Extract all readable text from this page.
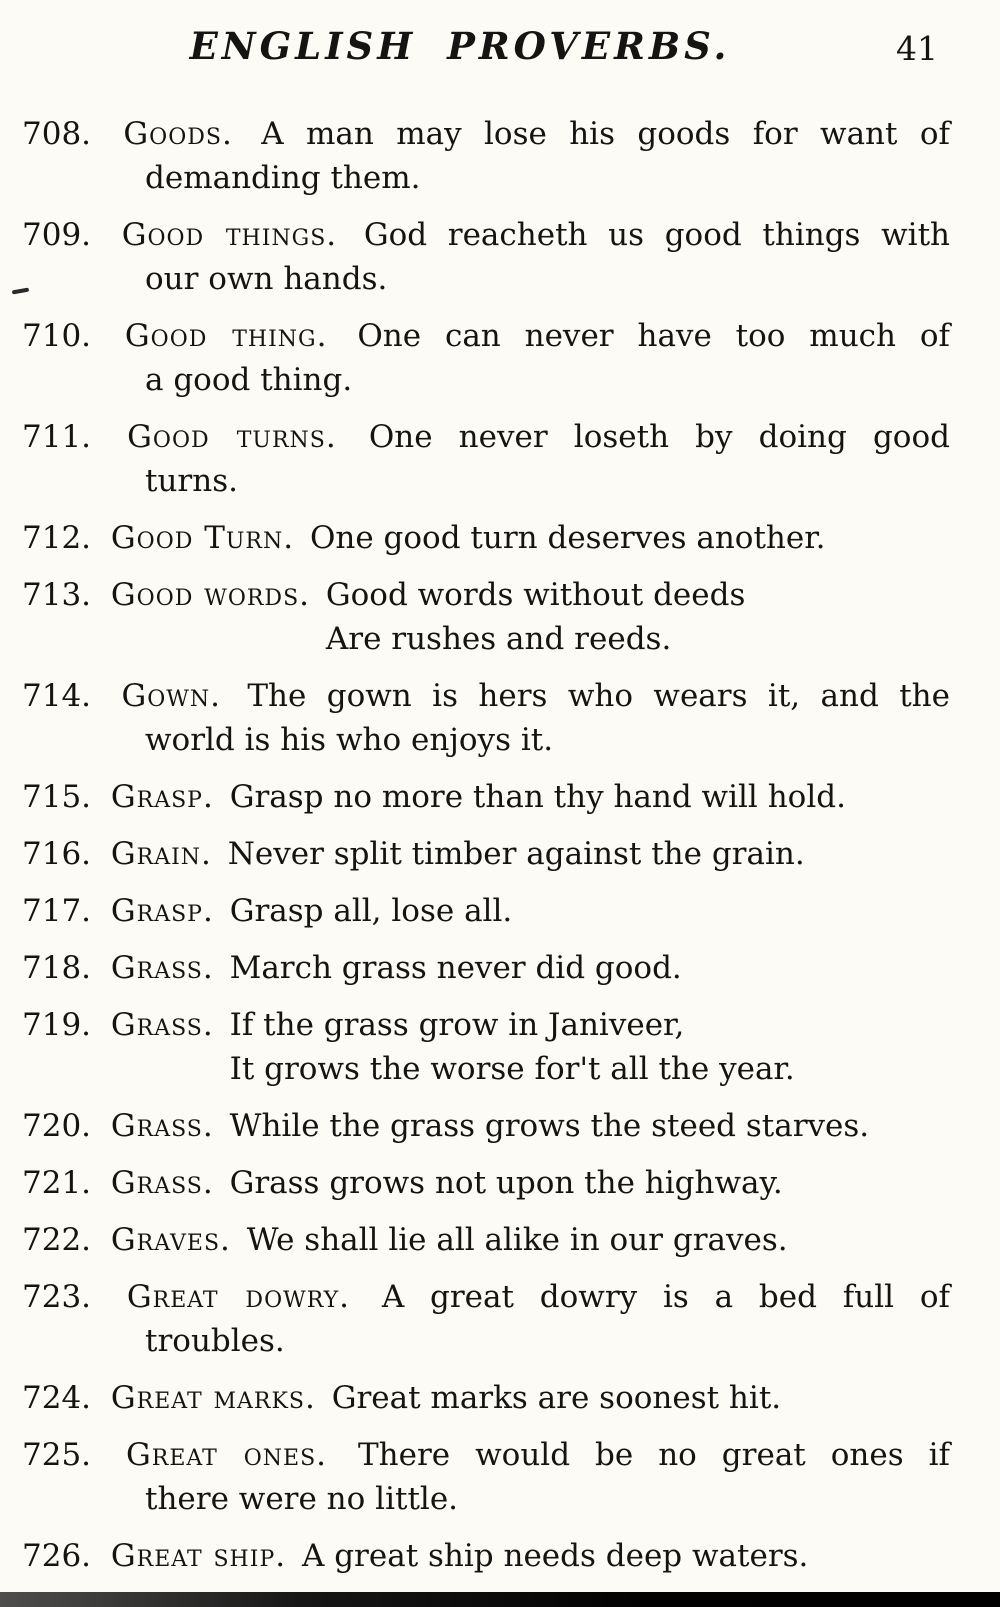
ENGLISH PROVERBS.	41
708. Goods. A man may lose his goods for want of
demanding them.
709. Good things. God reacheth us good things with
our own hands.
710. Good thing. One can never have too much of
a good thing.
711. Good turns. One never loseth by doing good
turns.
712. Good Turn. One good turn deserves another.
713. Good words. Good words without deeds
Are rushes and reeds.
714. Gown. The gown is hers who wears it, and the
world is his who enjoys it.
715. Grasp. Grasp no more than thy hand will hold.
716. Grain. Never split timber against the grain.
717. Grasp. Grasp all, lose all.
718. Grass. March grass never did good.
719. Grass. If the grass grow in Janiveer,
It grows the worse for't all the year.
720. Grass. While the grass grows the steed starves.
721. Grass. Grass grows not upon the highway.
722. Graves. We shall lie all alike in our graves.
723. Great dowry. A great dowry is a bed full of
troubles.
724. Great marks. Great marks are soonest hit.
725. Great ones. There would be no great ones if
there were no little.
726. Great ship. A great ship needs deep waters.
